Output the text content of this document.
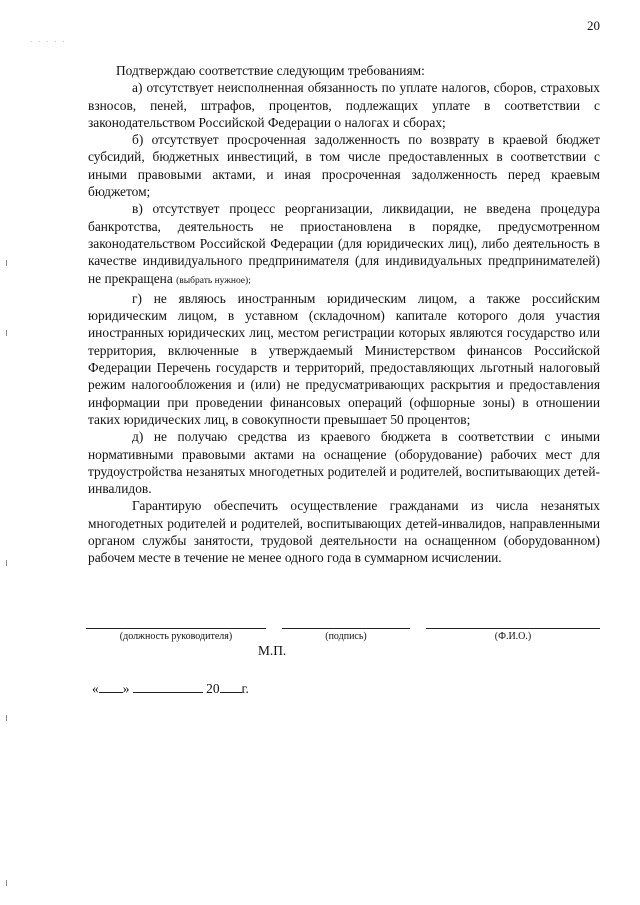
20
· · · · ·

Подтверждаю соответствие следующим требованиям:

а) отсутствует неисполненная обязанность по уплате налогов, сборов, страховых взносов, пеней, штрафов, процентов, подлежащих уплате в соответствии с законодательством Российской Федерации о налогах и сборах;

б) отсутствует просроченная задолженность по возврату в краевой бюджет субсидий, бюджетных инвестиций, в том числе предоставленных в соответствии с иными правовыми актами, и иная просроченная задолженность перед краевым бюджетом;

в) отсутствует процесс реорганизации, ликвидации, не введена процедура банкротства, деятельность не приостановлена в порядке, предусмотренном законодательством Российской Федерации (для юридических лиц), либо деятельность в качестве индивидуального предпринимателя (для индивидуальных предпринимателей) не прекращена (выбрать нужное);

г) не являюсь иностранным юридическим лицом, а также российским юридическим лицом, в уставном (складочном) капитале которого доля участия иностранных юридических лиц, местом регистрации которых являются государство или территория, включенные в утверждаемый Министерством финансов Российской Федерации Перечень государств и территорий, предоставляющих льготный налоговый режим налогообложения и (или) не предусматривающих раскрытия и предоставления информации при проведении финансовых операций (офшорные зоны) в отношении таких юридических лиц, в совокупности превышает 50 процентов;

д) не получаю средства из краевого бюджета в соответствии с иными нормативными правовыми актами на оснащение (оборудование) рабочих мест для трудоустройства незанятых многодетных родителей и родителей, воспитывающих детей-инвалидов.

Гарантирую обеспечить осуществление гражданами из числа незанятых многодетных родителей и родителей, воспитывающих детей-инвалидов, направленными органом службы занятости, трудовой деятельности на оснащенном (оборудованном) рабочем месте в течение не менее одного года в суммарном исчислении.

(должность руководителя)	(подпись)	(Ф.И.О.)
М.П.
« »	20 г.
